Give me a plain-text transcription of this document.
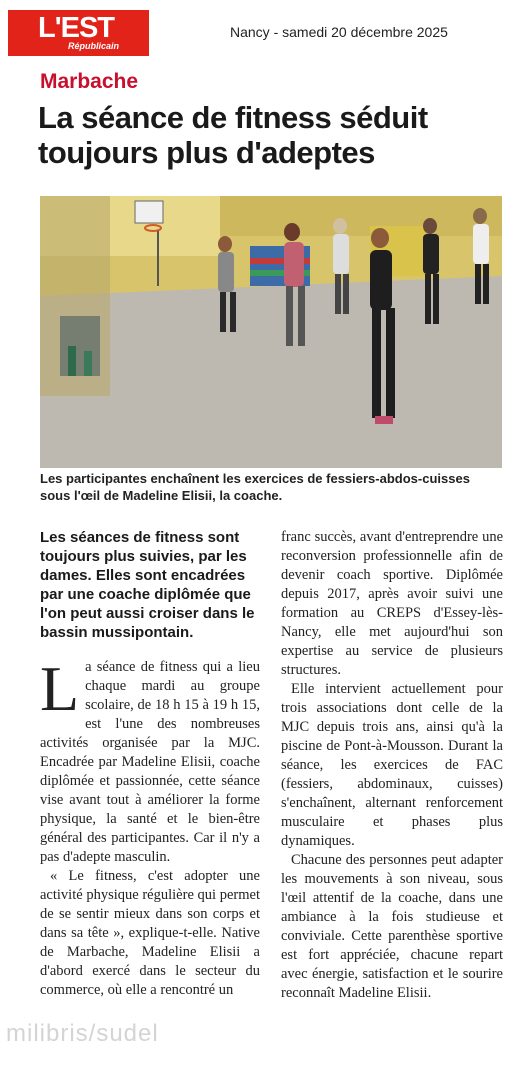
L'EST
Républicain
Nancy - samedi 20 décembre 2025
Marbache
La séance de fitness séduit toujours plus d'adeptes
Les participantes enchaînent les exercices de fessiers-abdos-cuisses sous l'œil de Madeline Elisii, la coache.

Les séances de fitness sont toujours plus suivies, par les dames. Elles sont encadrées par une coache diplômée que l'on peut aussi croiser dans le bassin mussipontain.

La séance de fitness qui a lieu chaque mardi au groupe scolaire, de 18 h 15 à 19 h 15, est l'une des nombreuses activités organisée par la MJC. Encadrée par Madeline Elisii, coache diplômée et passionnée, cette séance vise avant tout à améliorer la forme physique, la santé et le bien-être général des participantes. Car il n'y a pas d'adepte masculin.

« Le fitness, c'est adopter une activité physique régulière qui permet de se sentir mieux dans son corps et dans sa tête », explique-t-elle. Native de Marbache, Madeline Elisii a d'abord exercé dans le secteur du commerce, où elle a rencontré un

franc succès, avant d'entreprendre une reconversion professionnelle afin de devenir coach sportive. Diplômée depuis 2017, après avoir suivi une formation au CREPS d'Essey-lès-Nancy, elle met aujourd'hui son expertise au service de plusieurs structures.

Elle intervient actuellement pour trois associations dont celle de la MJC depuis trois ans, ainsi qu'à la piscine de Pont-à-Mousson. Durant la séance, les exercices de FAC (fessiers, abdominaux, cuisses) s'enchaînent, alternant renforcement musculaire et phases plus dynamiques.

Chacune des personnes peut adapter les mouvements à son niveau, sous l'œil attentif de la coache, dans une ambiance à la fois studieuse et conviviale. Cette parenthèse sportive est fort appréciée, chacune repart avec énergie, satisfaction et le sourire reconnaît Madeline Elisii.

milibris/sudel
